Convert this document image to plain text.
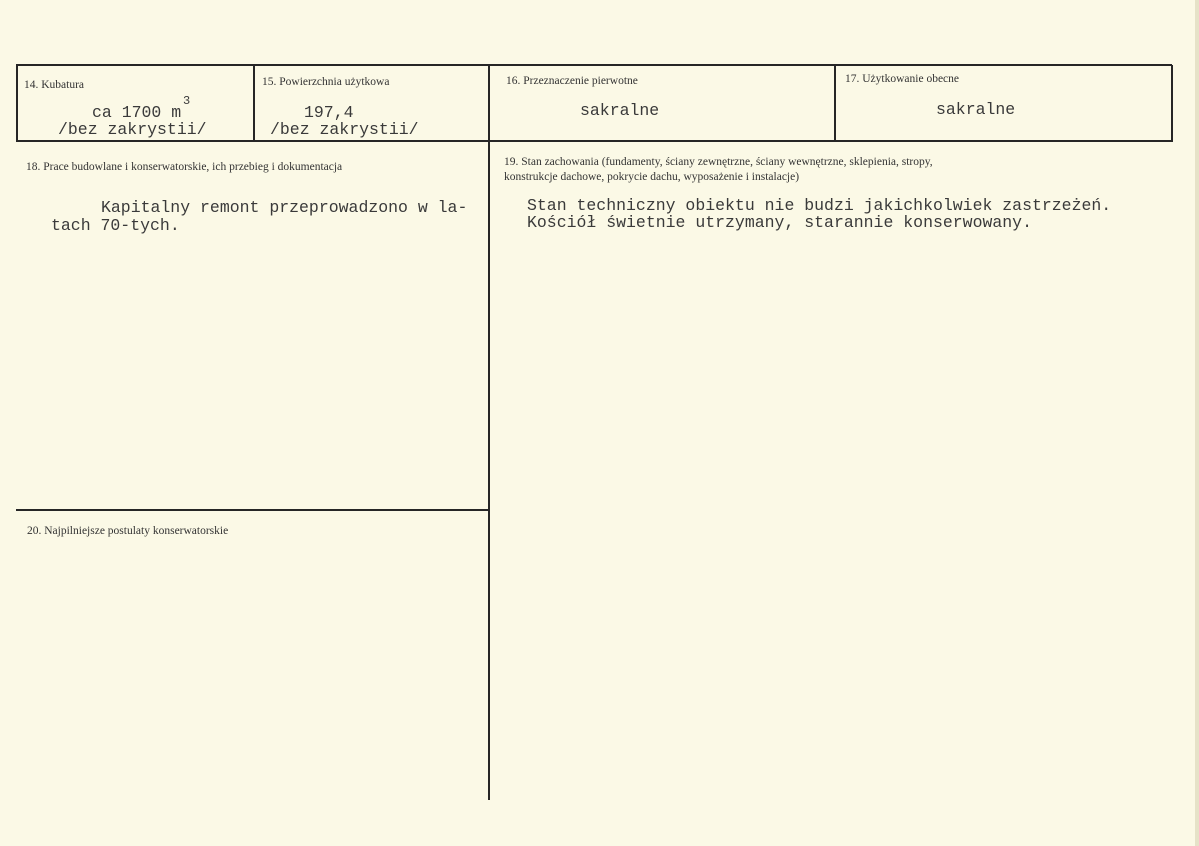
14. Kubatura
ca 1700 m
3
/bez zakrystii/
15. Powierzchnia użytkowa
197,4
/bez zakrystii/
16. Przeznaczenie pierwotne
sakralne
17. Użytkowanie obecne
sakralne
18. Prace budowlane i konserwatorskie, ich przebieg i dokumentacja
Kapitalny remont przeprowadzono w la-
tach 70-tych.
19. Stan zachowania (fundamenty, ściany zewnętrzne, ściany wewnętrzne, sklepienia, stropy,
konstrukcje dachowe, pokrycie dachu, wyposażenie i instalacje)
Stan techniczny obiektu nie budzi jakichkolwiek zastrzeżeń.
Kościół świetnie utrzymany, starannie konserwowany.
20. Najpilniejsze postulaty konserwatorskie
